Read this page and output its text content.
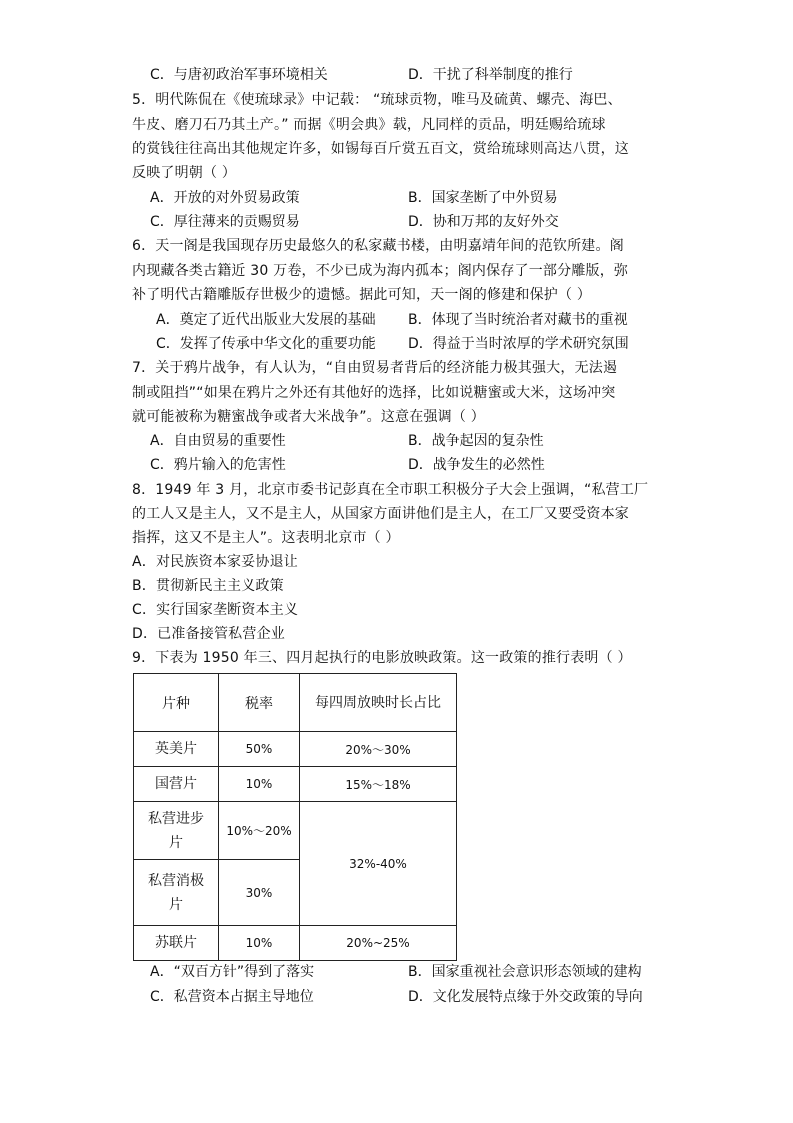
C．与唐初政治军事环境相关	D．干扰了科举制度的推行
5．明代陈侃在《使琉球录》中记载： “琉球贡物，唯马及硫黄、螺壳、海巴、
牛皮、磨刀石乃其土产。” 而据《明会典》载，凡同样的贡品，明廷赐给琉球
的赏钱往往高出其他规定许多，如锡每百斤赏五百文，赏给琉球则高达八贯，这
反映了明朝（ ）
A．开放的对外贸易政策	B．国家垄断了中外贸易
C．厚往薄来的贡赐贸易	D．协和万邦的友好外交
6．天一阁是我国现存历史最悠久的私家藏书楼，由明嘉靖年间的范钦所建。阁
内现藏各类古籍近 30 万卷，不少已成为海内孤本；阁内保存了一部分雕版，弥
补了明代古籍雕版存世极少的遗憾。据此可知，天一阁的修建和保护（ ）
A．奠定了近代出版业大发展的基础 B．体现了当时统治者对藏书的重视
C．发挥了传承中华文化的重要功能 D．得益于当时浓厚的学术研究氛围
7．关于鸦片战争，有人认为，“自由贸易者背后的经济能力极其强大，无法遏
制或阻挡”“如果在鸦片之外还有其他好的选择，比如说糖蜜或大米，这场冲突
就可能被称为糖蜜战争或者大米战争”。这意在强调（ ）
A．自由贸易的重要性	B．战争起因的复杂性
C．鸦片输入的危害性	D．战争发生的必然性
8．1949 年 3 月，北京市委书记彭真在全市职工积极分子大会上强调，“私营工厂
的工人又是主人，又不是主人，从国家方面讲他们是主人，在工厂又要受资本家
指挥，这又不是主人”。这表明北京市（ ）
A．对民族资本家妥协退让
B．贯彻新民主主义政策
C．实行国家垄断资本主义
D．已准备接管私营企业
9．下表为 1950 年三、四月起执行的电影放映政策。这一政策的推行表明（ ）
片种	税率	每四周放映时长占比
英美片	50%	20%～30%
国营片	10%	15%～18%
私营进步片	10%～20%	32%-40%
私营消极片	30%	
苏联片	10%	20%~25%
A．“双百方针”得到了落实	B．国家重视社会意识形态领域的建构
C．私营资本占据主导地位	D．文化发展特点缘于外交政策的导向
